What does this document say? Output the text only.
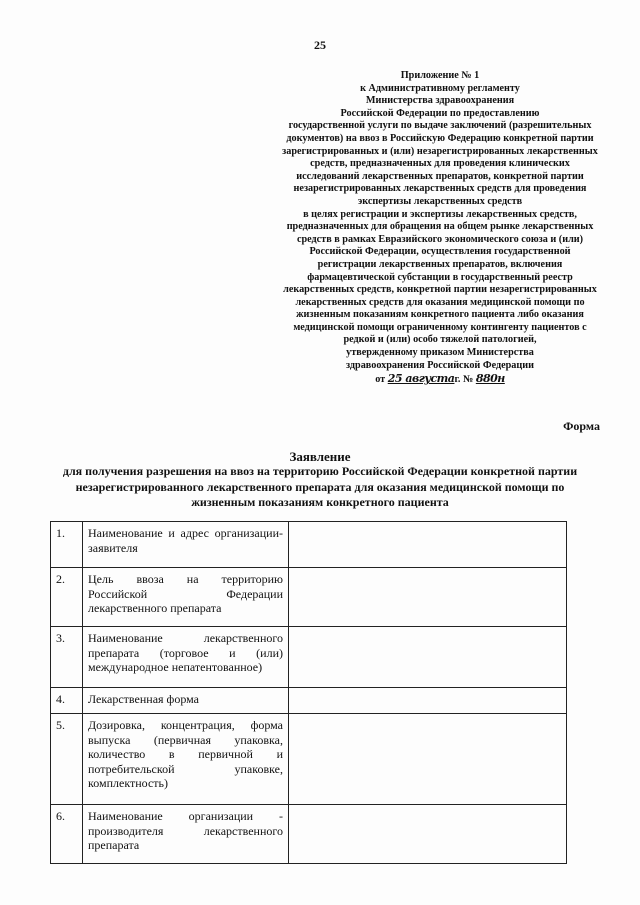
25
Приложение № 1
к Административному регламенту
Министерства здравоохранения
Российской Федерации по предоставлению
государственной услуги по выдаче заключений (разрешительных
документов) на ввоз в Российскую Федерацию конкретной партии
зарегистрированных и (или) незарегистрированных лекарственных
средств, предназначенных для проведения клинических
исследований лекарственных препаратов, конкретной партии
незарегистрированных лекарственных средств для проведения
экспертизы лекарственных средств
в целях регистрации и экспертизы лекарственных средств,
предназначенных для обращения на общем рынке лекарственных
средств в рамках Евразийского экономического союза и (или)
Российской Федерации, осуществления государственной
регистрации лекарственных препаратов, включения
фармацевтической субстанции в государственный реестр
лекарственных средств, конкретной партии незарегистрированных
лекарственных средств для оказания медицинской помощи по
жизненным показаниям конкретного пациента либо оказания
медицинской помощи ограниченному контингенту пациентов с
редкой и (или) особо тяжелой патологией,
утвержденному приказом Министерства
здравоохранения Российской Федерации
от 25 августаг. № 880н
Форма
Заявление
для получения разрешения на ввоз на территорию Российской Федерации конкретной партии
незарегистрированного лекарственного препарата для оказания медицинской помощи по
жизненным показаниям конкретного пациента
1.	Наименование и адрес организации-заявителя	
2.	Цель ввоза на территорию Российской Федерации лекарственного препарата	
3.	Наименование лекарственного препарата (торговое и (или) международное непатентованное)	
4.	Лекарственная форма	
5.	Дозировка, концентрация, форма выпуска (первичная упаковка, количество в первичной и потребительской упаковке, комплектность)	
6.	Наименование организации - производителя лекарственного препарата	
